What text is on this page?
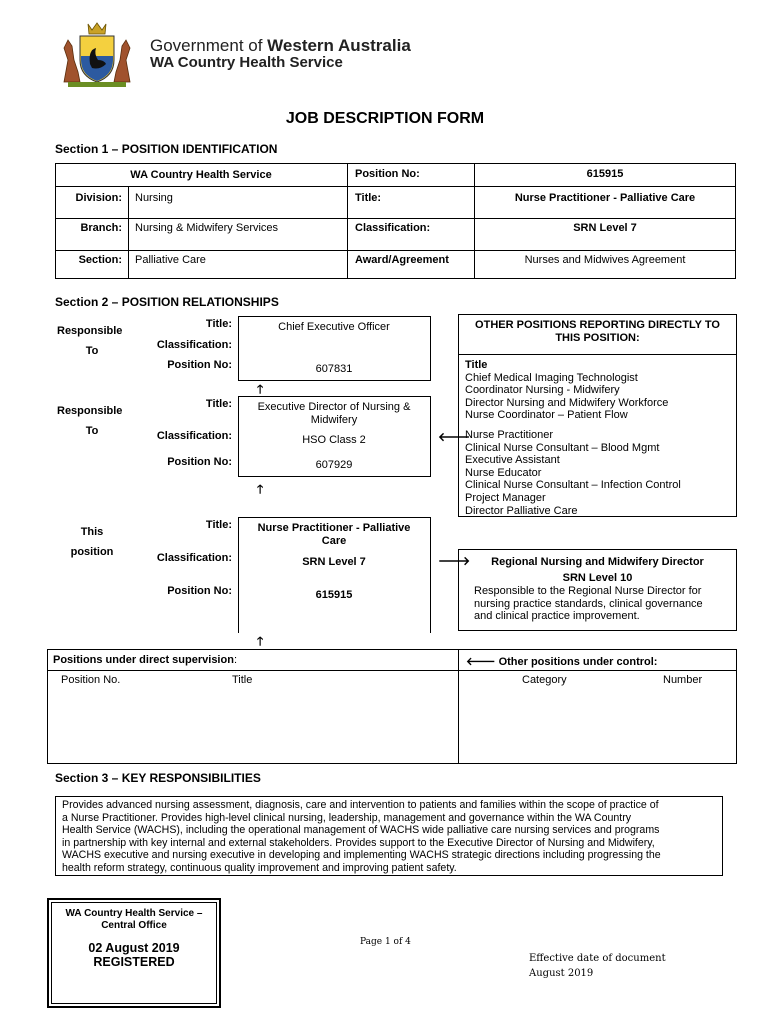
Government of Western Australia
WA Country Health Service
JOB DESCRIPTION FORM
Section 1 – POSITION IDENTIFICATION
WA Country Health Service	Position No:	615915
Division: Nursing	Title:	Nurse Practitioner - Palliative Care
Branch: Nursing & Midwifery Services	Classification:	SRN Level 7
Section: Palliative Care	Award/Agreement	Nurses and Midwives Agreement
Section 2 – POSITION RELATIONSHIPS
Responsible
To
Title:	Chief Executive Officer
Classification:
Position No:	607831
🡑
Responsible
To
Title:	Executive Director of Nursing &
Midwifery
Classification:	HSO Class 2
Position No:	607929
🡐
🡑
This
position
Title:	Nurse Practitioner - Palliative
Care
Classification:	SRN Level 7
Position No:	615915
🡒
🡑
OTHER POSITIONS REPORTING DIRECTLY TO
THIS POSITION:
Title
Chief Medical Imaging Technologist
Coordinator Nursing - Midwifery
Director Nursing and Midwifery Workforce
Nurse Coordinator – Patient Flow
Nurse Practitioner
Clinical Nurse Consultant – Blood Mgmt
Executive Assistant
Nurse Educator
Clinical Nurse Consultant – Infection Control
Project Manager
Director Palliative Care
Regional Nursing and Midwifery Director
SRN Level 10
Responsible to the Regional Nurse Director for
nursing practice standards, clinical governance
and clinical practice improvement.
Positions under direct supervision:	🡐 Other positions under control:
Position No.	Title	Category	Number
Section 3 – KEY RESPONSIBILITIES
Provides advanced nursing assessment, diagnosis, care and intervention to patients and families within the scope of practice of
a Nurse Practitioner. Provides high-level clinical nursing, leadership, management and governance within the WA Country
Health Service (WACHS), including the operational management of WACHS wide palliative care nursing services and programs
in partnership with key internal and external stakeholders. Provides support to the Executive Director of Nursing and Midwifery,
WACHS executive and nursing executive in developing and implementing WACHS strategic directions including progressing the
health reform strategy, continuous quality improvement and improving patient safety.
WA Country Health Service –
Central Office
02 August 2019
REGISTERED
Page 1 of 4
Effective date of document
August 2019
